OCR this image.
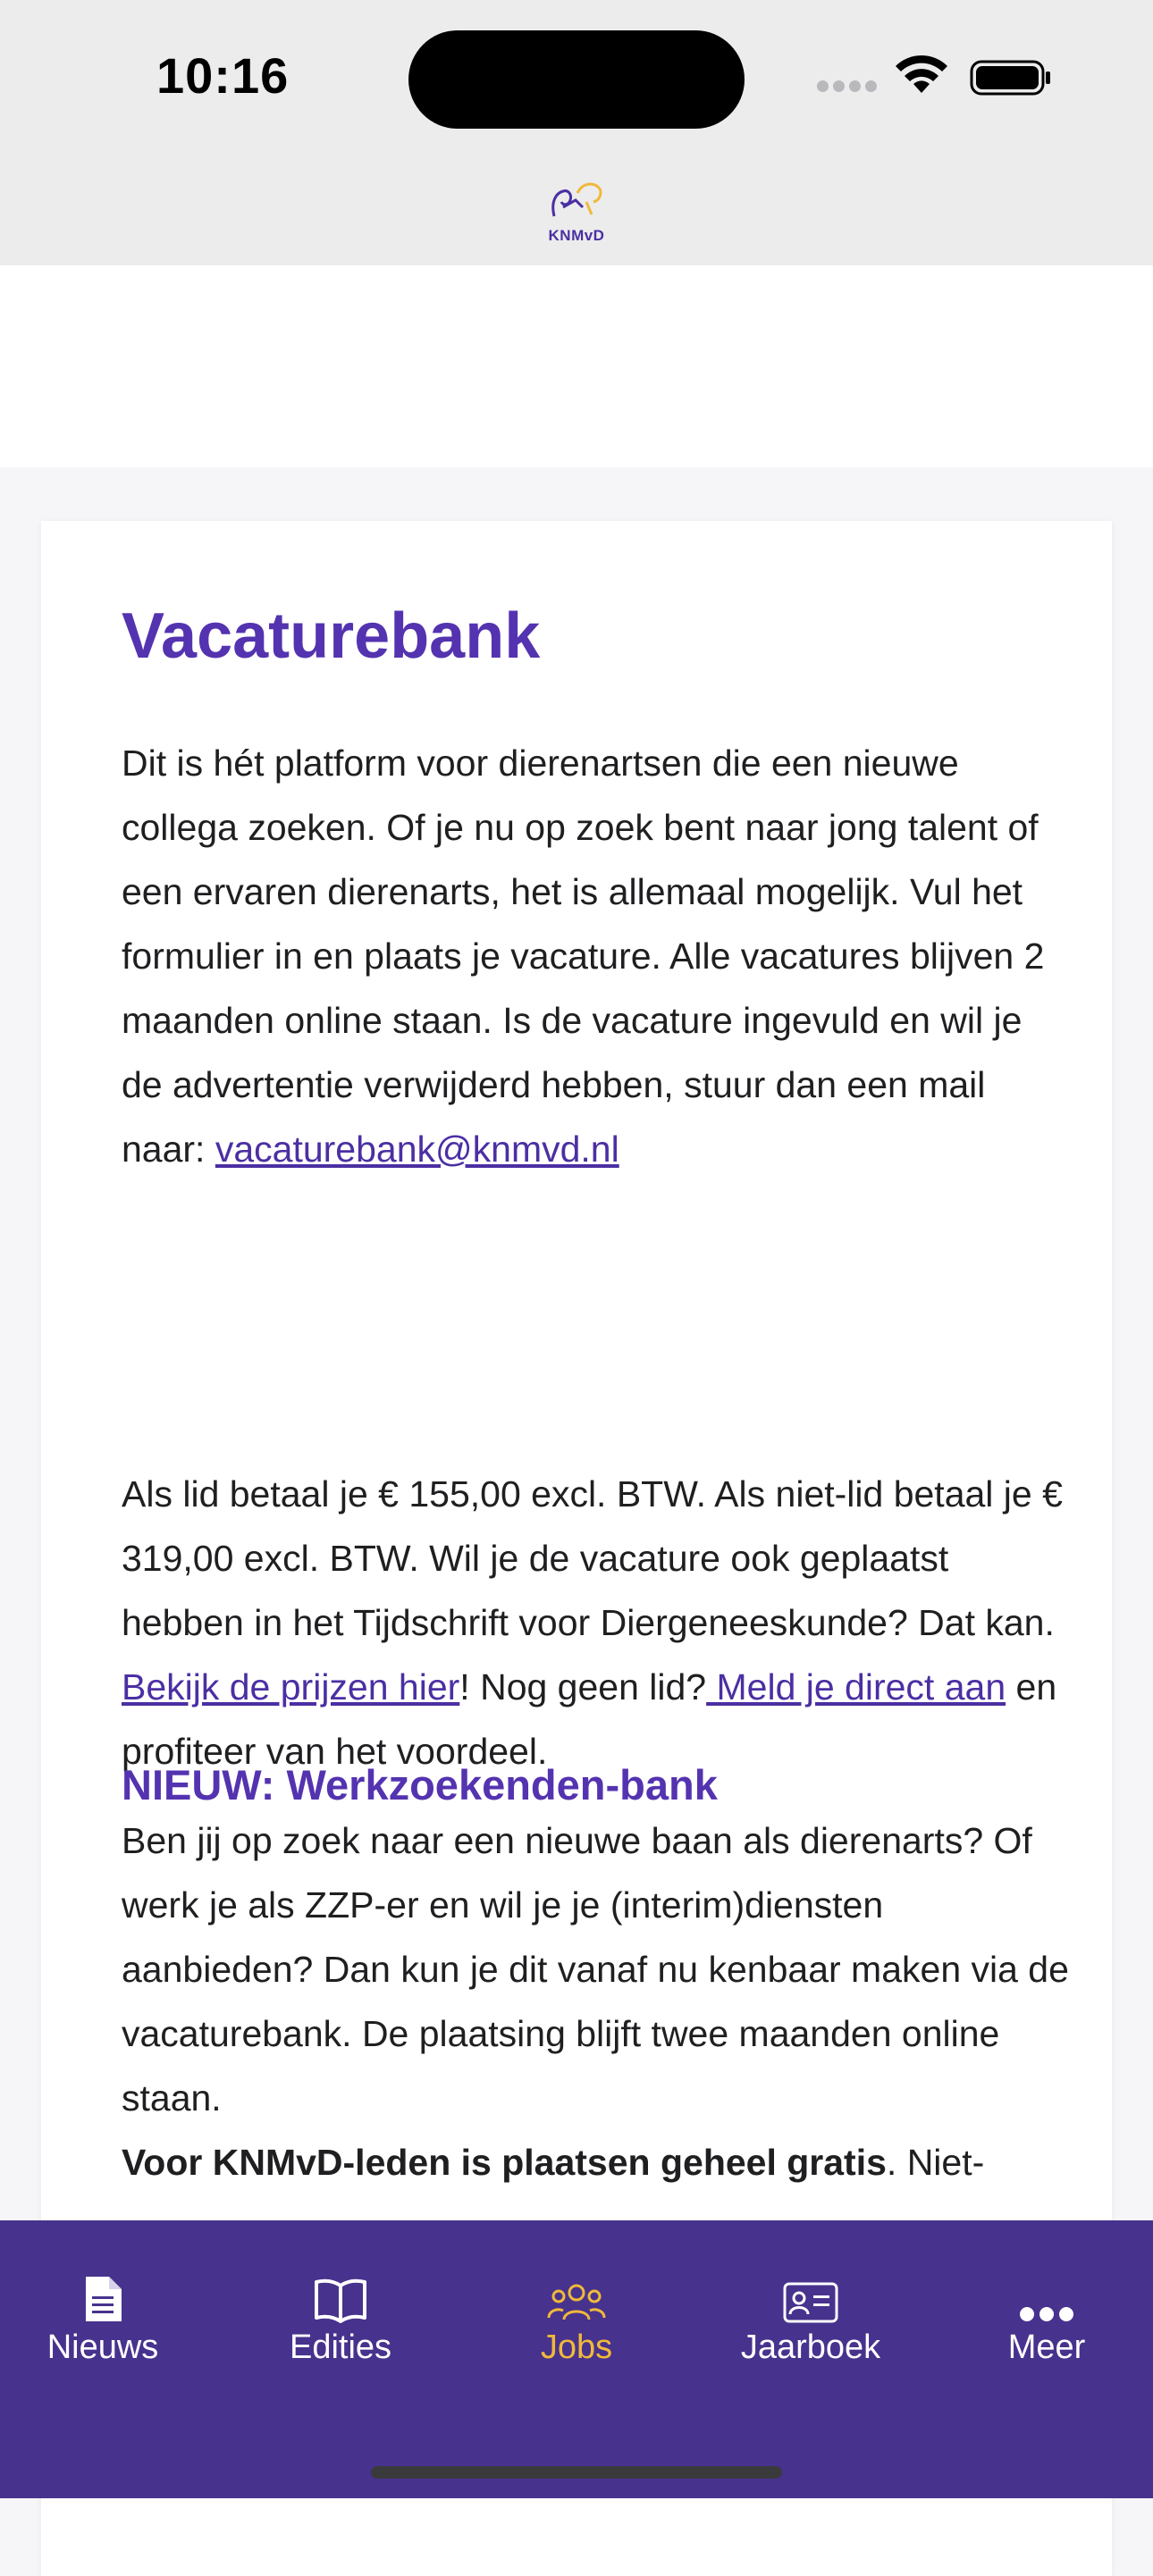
10:16
KNMvD
Vacaturebank

Dit is hét platform voor dierenartsen die een nieuwe collega zoeken. Of je nu op zoek bent naar jong talent of een ervaren dierenarts, het is allemaal mogelijk. Vul het formulier in en plaats je vacature. Alle vacatures blijven 2 maanden online staan. Is de vacature ingevuld en wil je de advertentie verwijderd hebben, stuur dan een mail naar: vacaturebank@knmvd.nl

Als lid betaal je € 155,00 excl. BTW. Als niet-lid betaal je € 319,00 excl. BTW. Wil je de vacature ook geplaatst hebben in het Tijdschrift voor Diergeneeskunde? Dat kan. Bekijk de prijzen hier! Nog geen lid? Meld je direct aan en profiteer van het voordeel.

NIEUW: Werkzoekenden-bank

Ben jij op zoek naar een nieuwe baan als dierenarts? Of werk je als ZZP-er en wil je je (interim)diensten aanbieden? Dan kun je dit vanaf nu kenbaar maken via de vacaturebank. De plaatsing blijft twee maanden online staan.
Voor KNMvD-leden is plaatsen geheel gratis. Niet-

Nieuws	Edities	Jobs	Jaarboek	Meer
